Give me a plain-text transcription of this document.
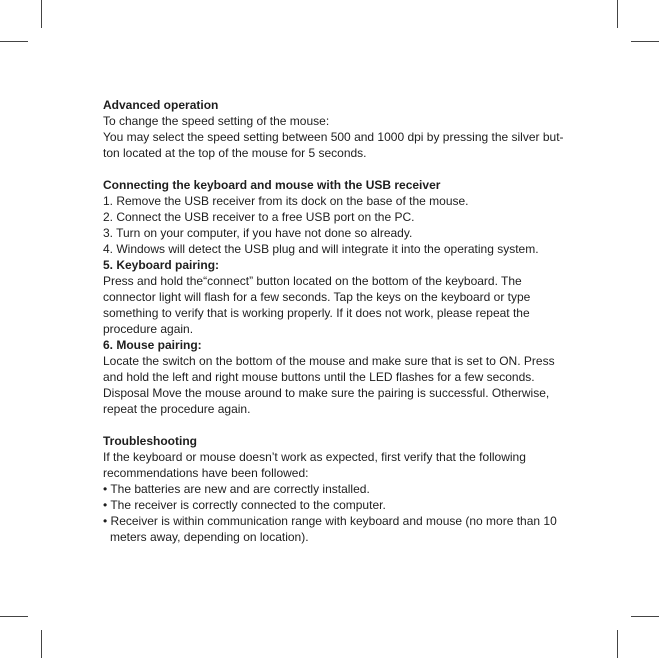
Advanced operation
To change the speed setting of the mouse:
You may select the speed setting between 500 and 1000 dpi by pressing the silver but-
ton located at the top of the mouse for 5 seconds.
Connecting the keyboard and mouse with the USB receiver
1. Remove the USB receiver from its dock on the base of the mouse.
2. Connect the USB receiver to a free USB port on the PC.
3. Turn on your computer, if you have not done so already.
4. Windows will detect the USB plug and will integrate it into the operating system.
5. Keyboard pairing:
Press and hold the“connect” button located on the bottom of the keyboard. The
connector light will flash for a few seconds. Tap the keys on the keyboard or type
something to verify that is working properly. If it does not work, please repeat the
procedure again.
6. Mouse pairing:
Locate the switch on the bottom of the mouse and make sure that is set to ON. Press
and hold the left and right mouse buttons until the LED flashes for a few seconds.
Disposal Move the mouse around to make sure the pairing is successful. Otherwise,
repeat the procedure again.
Troubleshooting
If the keyboard or mouse doesn’t work as expected, first verify that the following
recommendations have been followed:
• The batteries are new and are correctly installed.
• The receiver is correctly connected to the computer.
• Receiver is within communication range with keyboard and mouse (no more than 10 meters away, depending on location).
